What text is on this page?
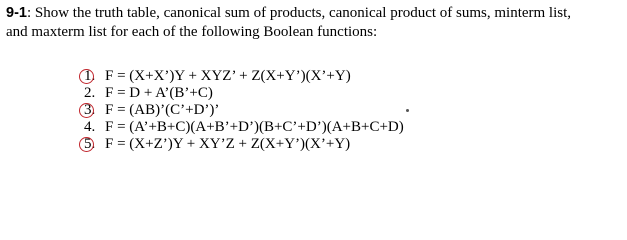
9-1: Show the truth table, canonical sum of products, canonical product of sums, minterm list,
and maxterm list for each of the following Boolean functions:
1. F = (X+X’)Y + XYZ’ + Z(X+Y’)(X’+Y)
2. F = D + A’(B’+C)
3. F = (AB)’(C’+D’)’
4. F = (A’+B+C)(A+B’+D’)(B+C’+D’)(A+B+C+D)
5. F = (X+Z’)Y + XY’Z + Z(X+Y’)(X’+Y)
